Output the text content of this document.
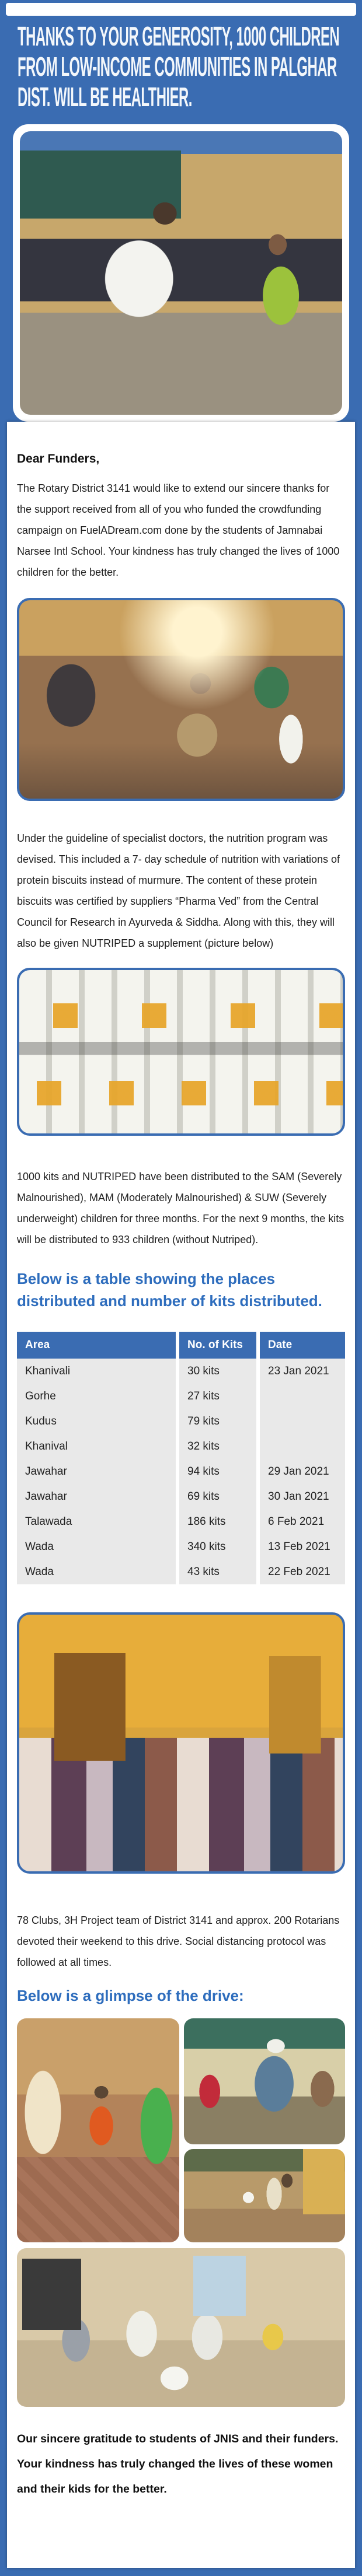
THANKS TO YOUR GENEROSITY, 1000 CHILDREN
FROM LOW-INCOME COMMUNITIES IN PALGHAR
DIST. WILL BE HEALTHIER.
Dear Funders,

The Rotary District 3141 would like to extend our sincere thanks for the support received from all of you who funded the crowdfunding campaign on FuelADream.com done by the students of Jamnabai Narsee Intl School. Your kindness has truly changed the lives of 1000 children for the better.

Under the guideline of specialist doctors, the nutrition program was devised. This included a 7- day schedule of nutrition with variations of protein biscuits instead of murmure. The content of these protein biscuits was certified by suppliers “Pharma Ved” from the Central Council for Research in Ayurveda & Siddha. Along with this, they will also be given NUTRIPED a supplement (picture below)

1000 kits and NUTRIPED have been distributed to the SAM (Severely Malnourished), MAM (Moderately Malnourished) & SUW (Severely underweight) children for three months. For the next 9 months, the kits will be distributed to 933 children (without Nutriped).

Below is a table showing the places distributed and number of kits distributed.
Area	No. of Kits	Date
Khanivali	30 kits	23 Jan 2021
Gorhe	27 kits
Kudus	79 kits
Khanival	32 kits
Jawahar	94 kits	29 Jan 2021
Jawahar	69 kits	30 Jan 2021
Talawada	186 kits	6 Feb 2021
Wada	340 kits	13 Feb 2021
Wada	43 kits	22 Feb 2021

78 Clubs, 3H Project team of District 3141 and approx. 200 Rotarians devoted their weekend to this drive. Social distancing protocol was followed at all times.

Below is a glimpse of the drive:

Our sincere gratitude to students of JNIS and their funders. Your kindness has truly changed the lives of these women and their kids for the better.
